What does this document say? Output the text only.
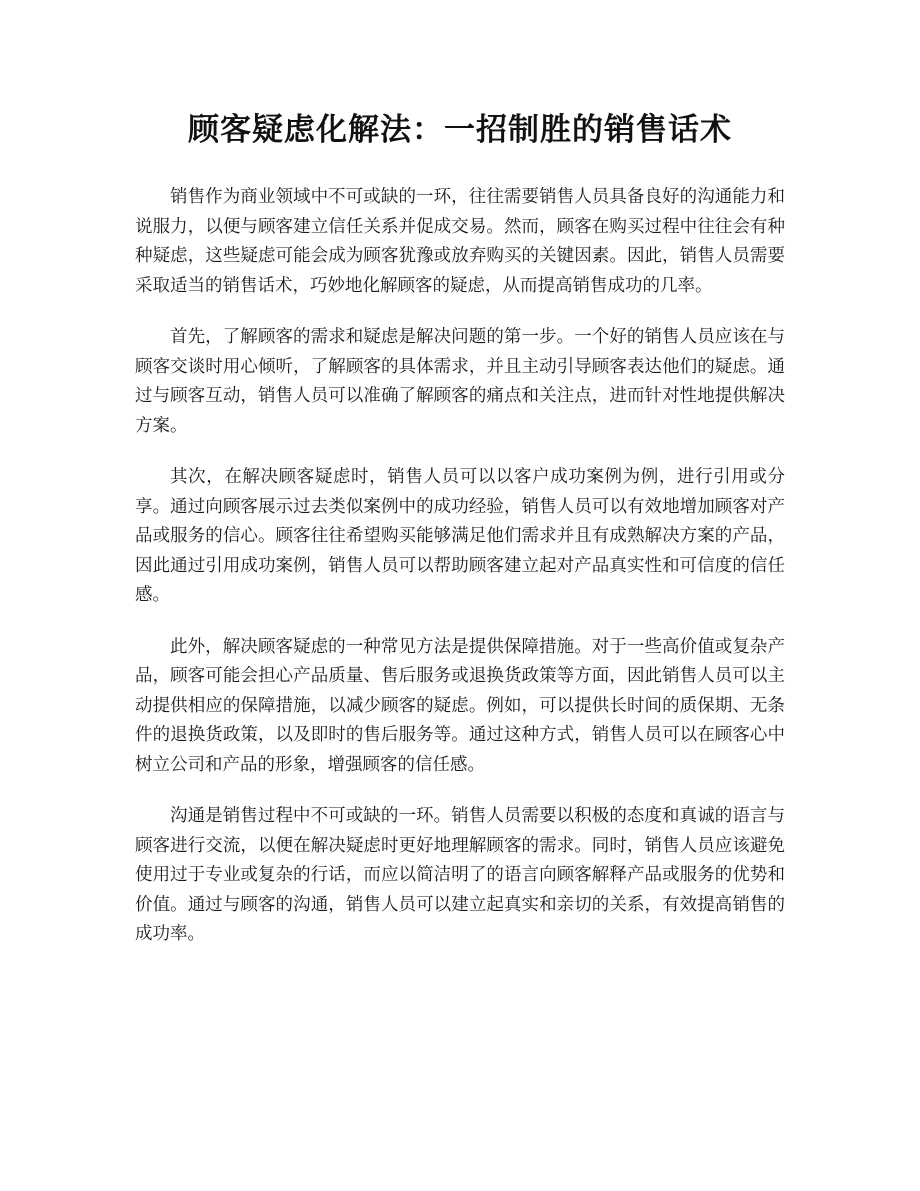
顾客疑虑化解法：一招制胜的销售话术

销售作为商业领域中不可或缺的一环，往往需要销售人员具备良好的沟通能力和说服力，以便与顾客建立信任关系并促成交易。然而，顾客在购买过程中往往会有种种疑虑，这些疑虑可能会成为顾客犹豫或放弃购买的关键因素。因此，销售人员需要采取适当的销售话术，巧妙地化解顾客的疑虑，从而提高销售成功的几率。

首先，了解顾客的需求和疑虑是解决问题的第一步。一个好的销售人员应该在与顾客交谈时用心倾听，了解顾客的具体需求，并且主动引导顾客表达他们的疑虑。通过与顾客互动，销售人员可以准确了解顾客的痛点和关注点，进而针对性地提供解决方案。

其次，在解决顾客疑虑时，销售人员可以以客户成功案例为例，进行引用或分享。通过向顾客展示过去类似案例中的成功经验，销售人员可以有效地增加顾客对产品或服务的信心。顾客往往希望购买能够满足他们需求并且有成熟解决方案的产品，因此通过引用成功案例，销售人员可以帮助顾客建立起对产品真实性和可信度的信任感。

此外，解决顾客疑虑的一种常见方法是提供保障措施。对于一些高价值或复杂产品，顾客可能会担心产品质量、售后服务或退换货政策等方面，因此销售人员可以主动提供相应的保障措施，以减少顾客的疑虑。例如，可以提供长时间的质保期、无条件的退换货政策，以及即时的售后服务等。通过这种方式，销售人员可以在顾客心中树立公司和产品的形象，增强顾客的信任感。

沟通是销售过程中不可或缺的一环。销售人员需要以积极的态度和真诚的语言与顾客进行交流，以便在解决疑虑时更好地理解顾客的需求。同时，销售人员应该避免使用过于专业或复杂的行话，而应以简洁明了的语言向顾客解释产品或服务的优势和价值。通过与顾客的沟通，销售人员可以建立起真实和亲切的关系，有效提高销售的成功率。
